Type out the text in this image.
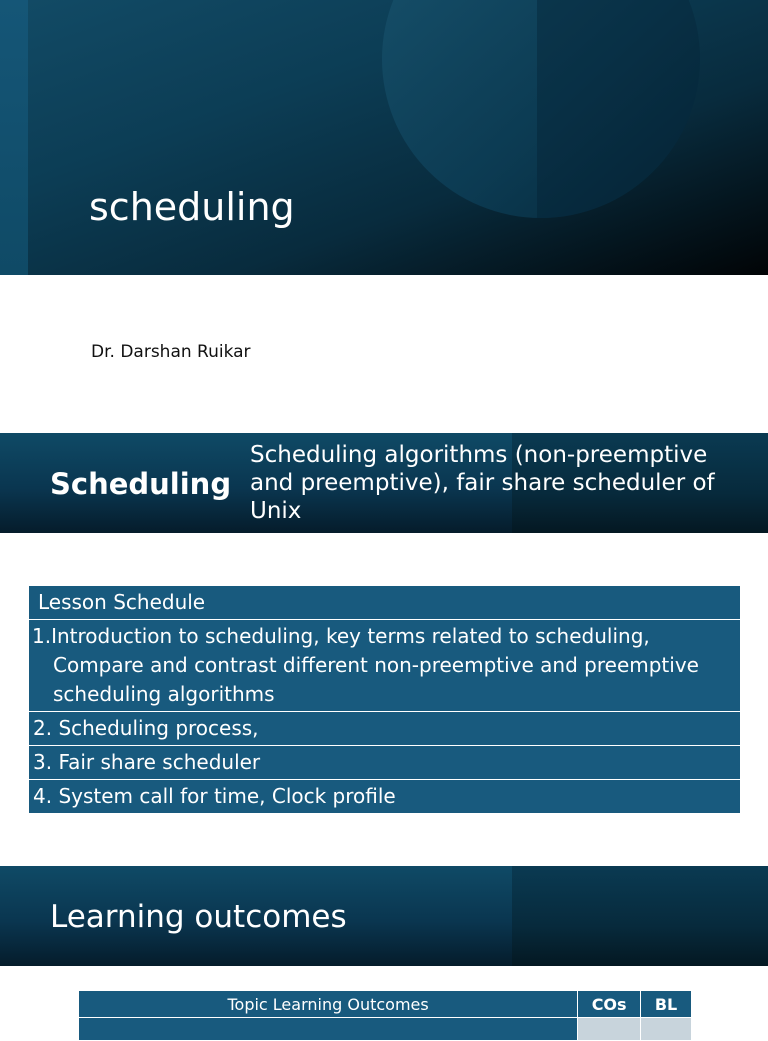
scheduling
Dr. Darshan Ruikar
Scheduling

Scheduling algorithms (non-preemptive and preemptive), fair share scheduler of Unix

Lesson Schedule
1.Introduction to scheduling, key terms related to scheduling, Compare and contrast different non-preemptive and preemptive scheduling algorithms
2. Scheduling process,
3. Fair share scheduler
4. System call for time, Clock profile
Learning outcomes
Topic Learning Outcomes	COs	BL
